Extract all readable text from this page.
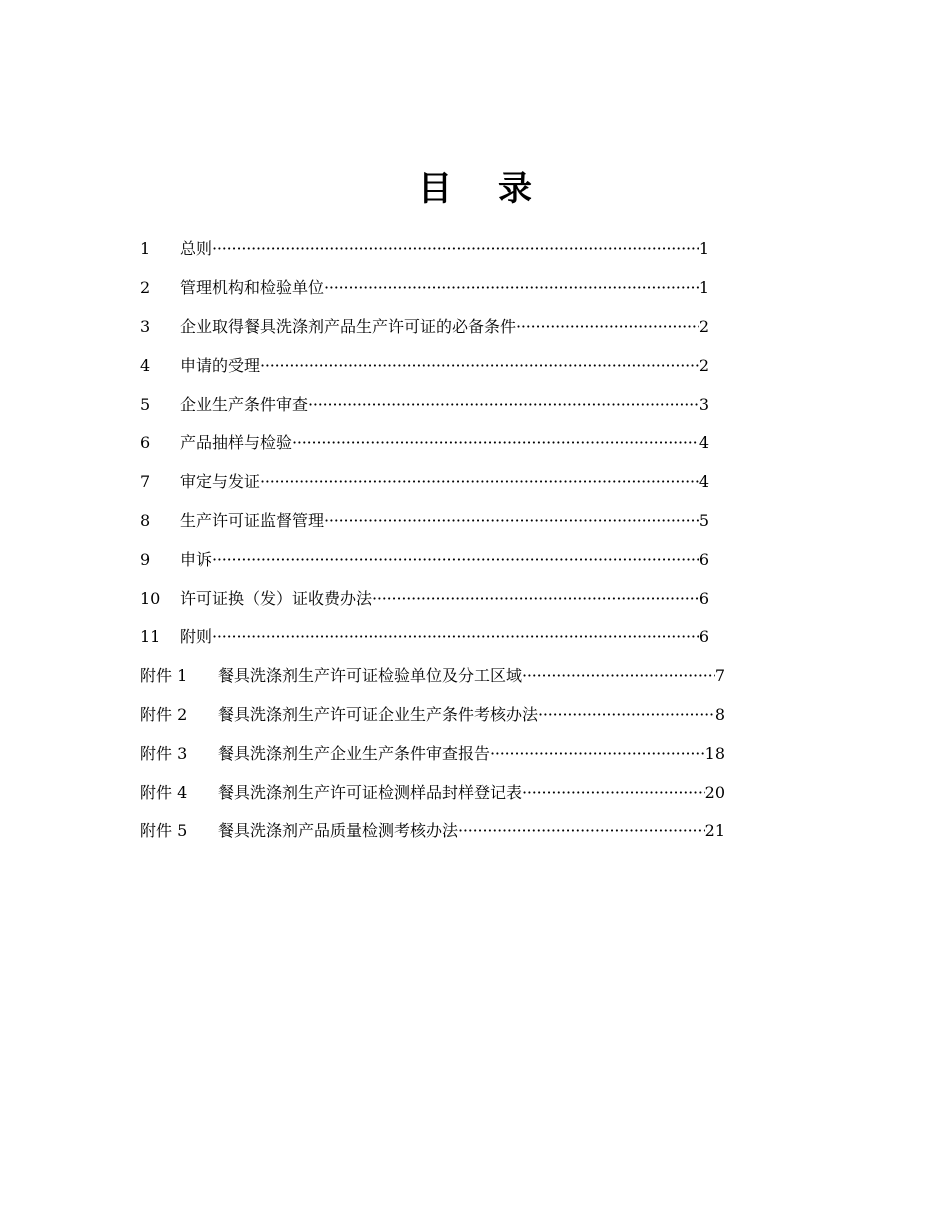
目 录
1	总则 ·····	1
2	管理机构和检验单位 ·····	1
3	企业取得餐具洗涤剂产品生产许可证的必备条件 ·····	2
4	申请的受理 ·····	2
5	企业生产条件审查 ·····	3
6	产品抽样与检验 ·····	4
7	审定与发证 ·····	4
8	生产许可证监督管理 ·····	5
9	申诉 ·····	6
10	许可证换（发）证收费办法 ·····	6
11	附则 ·····	6
附件 1	餐具洗涤剂生产许可证检验单位及分工区域 ·····	7
附件 2	餐具洗涤剂生产许可证企业生产条件考核办法 ·····	8
附件 3	餐具洗涤剂生产企业生产条件审查报告 ·····	18
附件 4	餐具洗涤剂生产许可证检测样品封样登记表 ·····	20
附件 5	餐具洗涤剂产品质量检测考核办法 ·····	21
